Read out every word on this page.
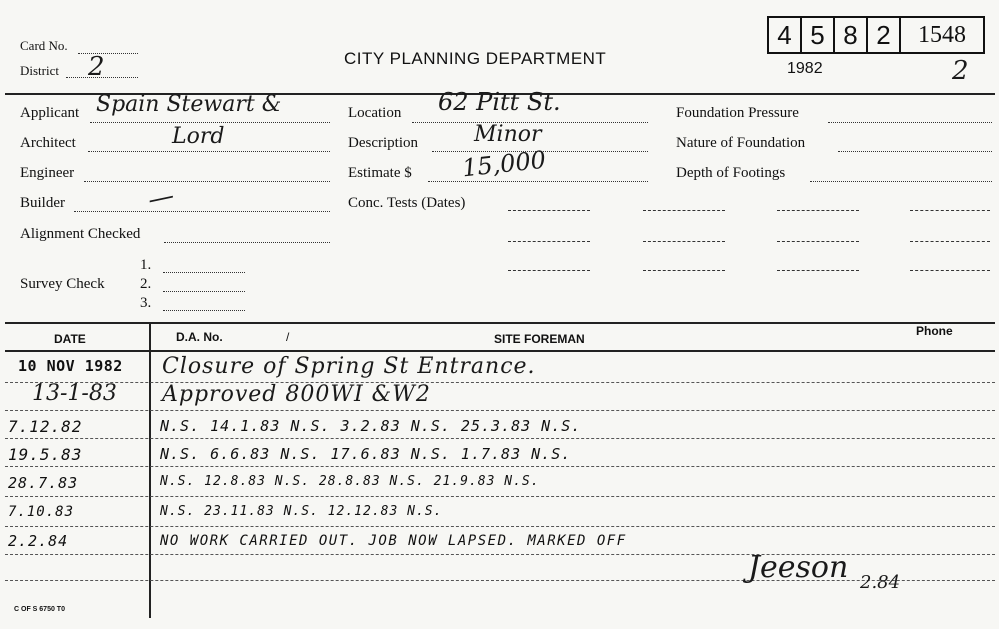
Card No.
District 2	CITY PLANNING DEPARTMENT
4 5 8 2	1548
1982	2
Applicant Spain Stewart &
Architect	Lord
Engineer
Builder	—
Alignment Checked
Survey Check
1.
2.
3.
Location 62 Pitt St.
Description	Minor
Estimate $ 15,000
Conc. Tests (Dates)
Foundation Pressure
Nature of Foundation
Depth of Footings
DATE	D.A. No.	/	SITE FOREMAN
Phone
10 NOV 1982 Closure of Spring St Entrance.
13-1-83 Approved 800WI &W2
7.12.82	N.S. 14.1.83 N.S. 3.2.83 N.S. 25.3.83 N.S.
19.5.83	N.S. 6.6.83 N.S. 17.6.83 N.S. 1.7.83 N.S.
28.7.83	N.S. 12.8.83 N.S. 28.8.83 N.S. 21.9.83 N.S.
7.10.83	N.S. 23.11.83 N.S. 12.12.83 N.S.
2.2.84	NO WORK CARRIED OUT. JOB NOW LAPSED. MARKED OFF
Jeeson 2.84
C OF S 6750 T0
